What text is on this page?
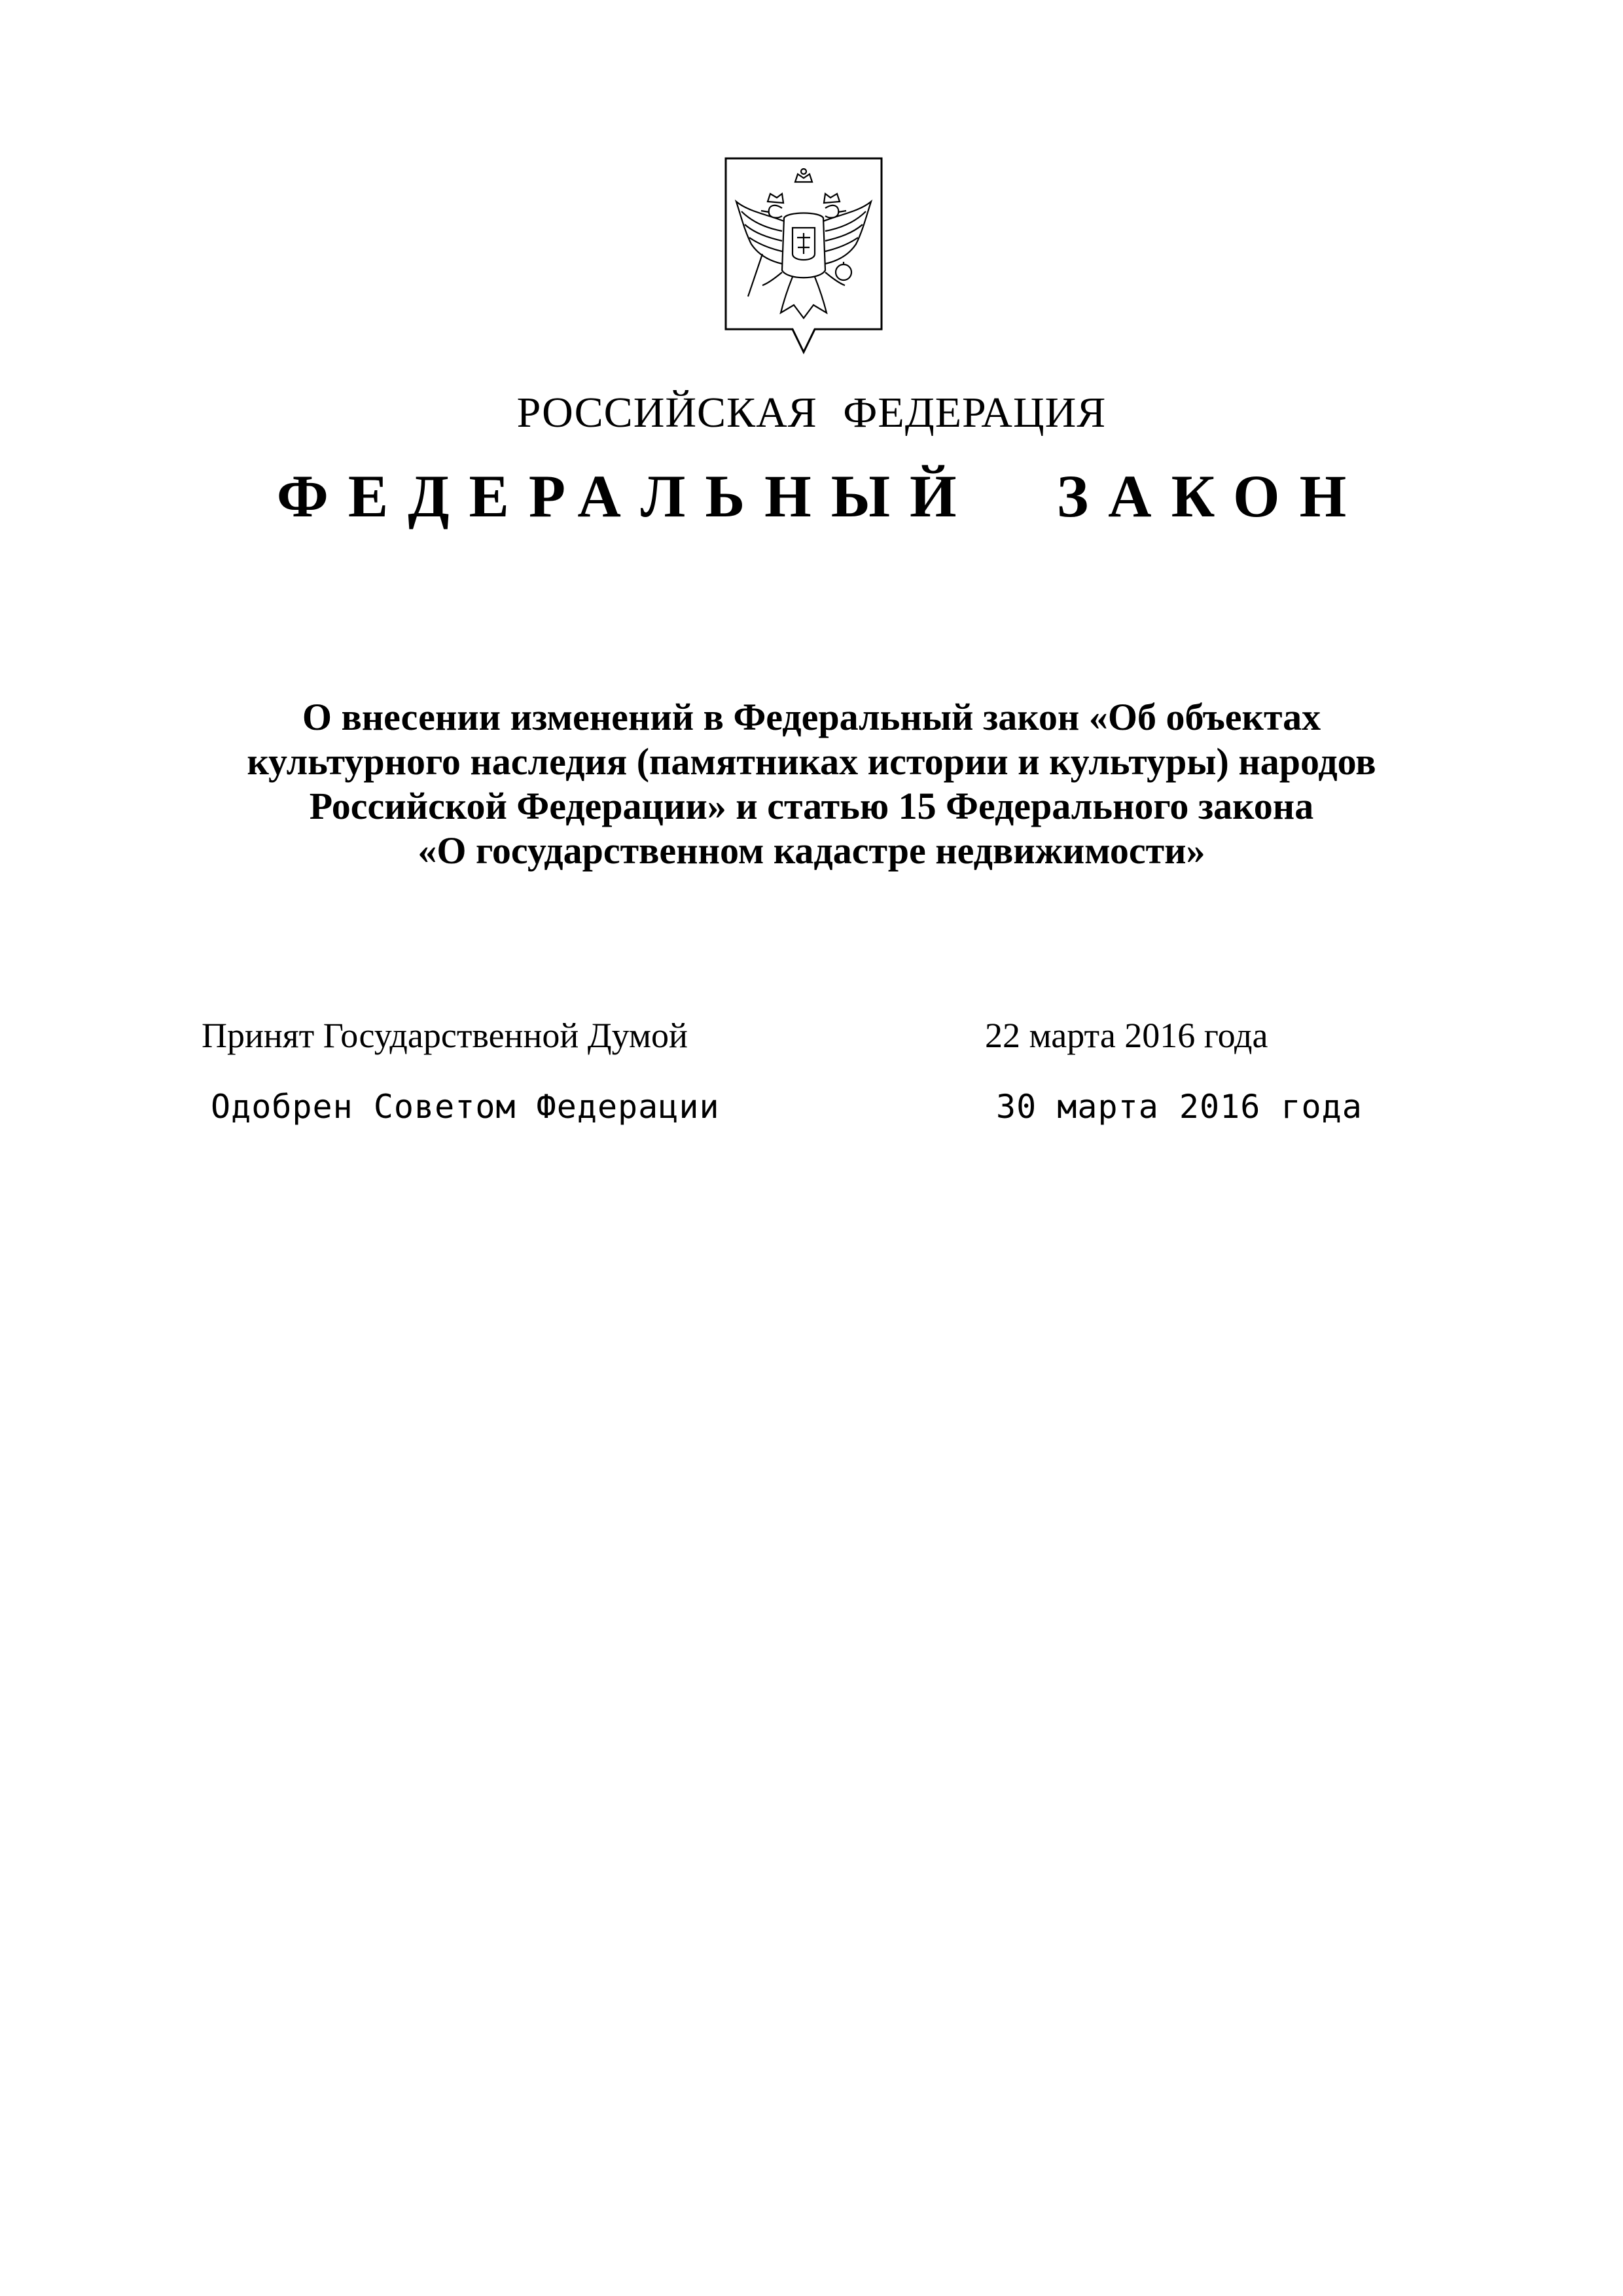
РОССИЙСКАЯ ФЕДЕРАЦИЯ
ФЕДЕРАЛЬНЫЙ ЗАКОН
О внесении изменений в Федеральный закон «Об объектах
культурного наследия (памятниках истории и культуры) народов
Российской Федерации» и статью 15 Федерального закона
«О государственном кадастре недвижимости»
Принят Государственной Думой	22 марта 2016 года
Одобрен Советом Федерации	30 марта 2016 года
